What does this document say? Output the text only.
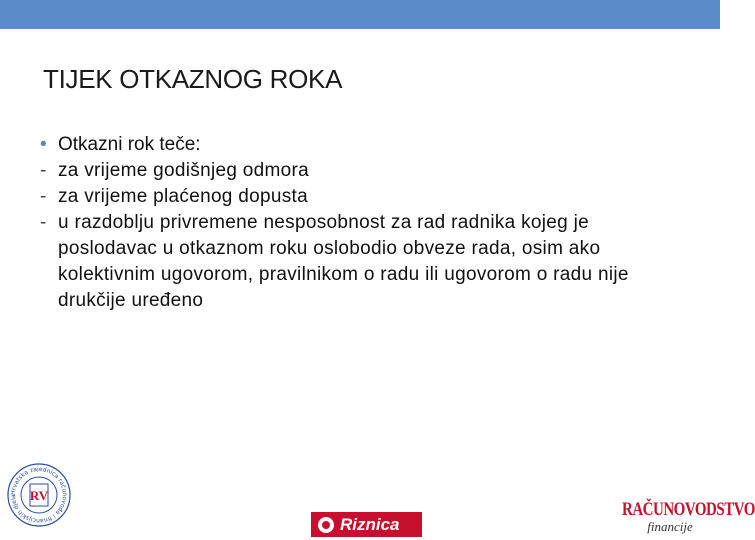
TIJEK OTKAZNOG ROKA
• Otkazni rok teče:
- za vrijeme godišnjeg odmora
- za vrijeme plaćenog dopusta
- u razdoblju privremene nesposobnost za rad radnika kojeg je poslodavac u otkaznom roku oslobodio obveze rada, osim ako kolektivnim ugovorom, pravilnikom o radu ili ugovorom o radu nije drukčije uređeno
Hrvatska zajednica računovođa i financijskih djela RV
Riznica
RAČUNOVODSTVO
financije
